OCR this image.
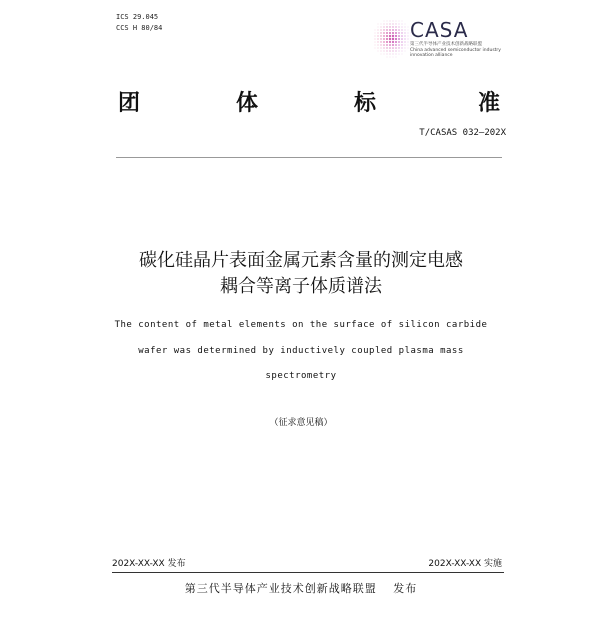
ICS 29.045
CCS H 80/84	CASA
第三代半导体产业技术创新战略联盟
China advanced semiconductor industry
innovation alliance
团	体	标	准
T/CASAS 032—202X
碳化硅晶片表面金属元素含量的测定电感
耦合等离子体质谱法
The content of metal elements on the surface of silicon carbide
wafer was determined by inductively coupled plasma mass
spectrometry
（征求意见稿）
202X-XX-XX 发布	202X-XX-XX 实施
第三代半导体产业技术创新战略联盟　 发布
